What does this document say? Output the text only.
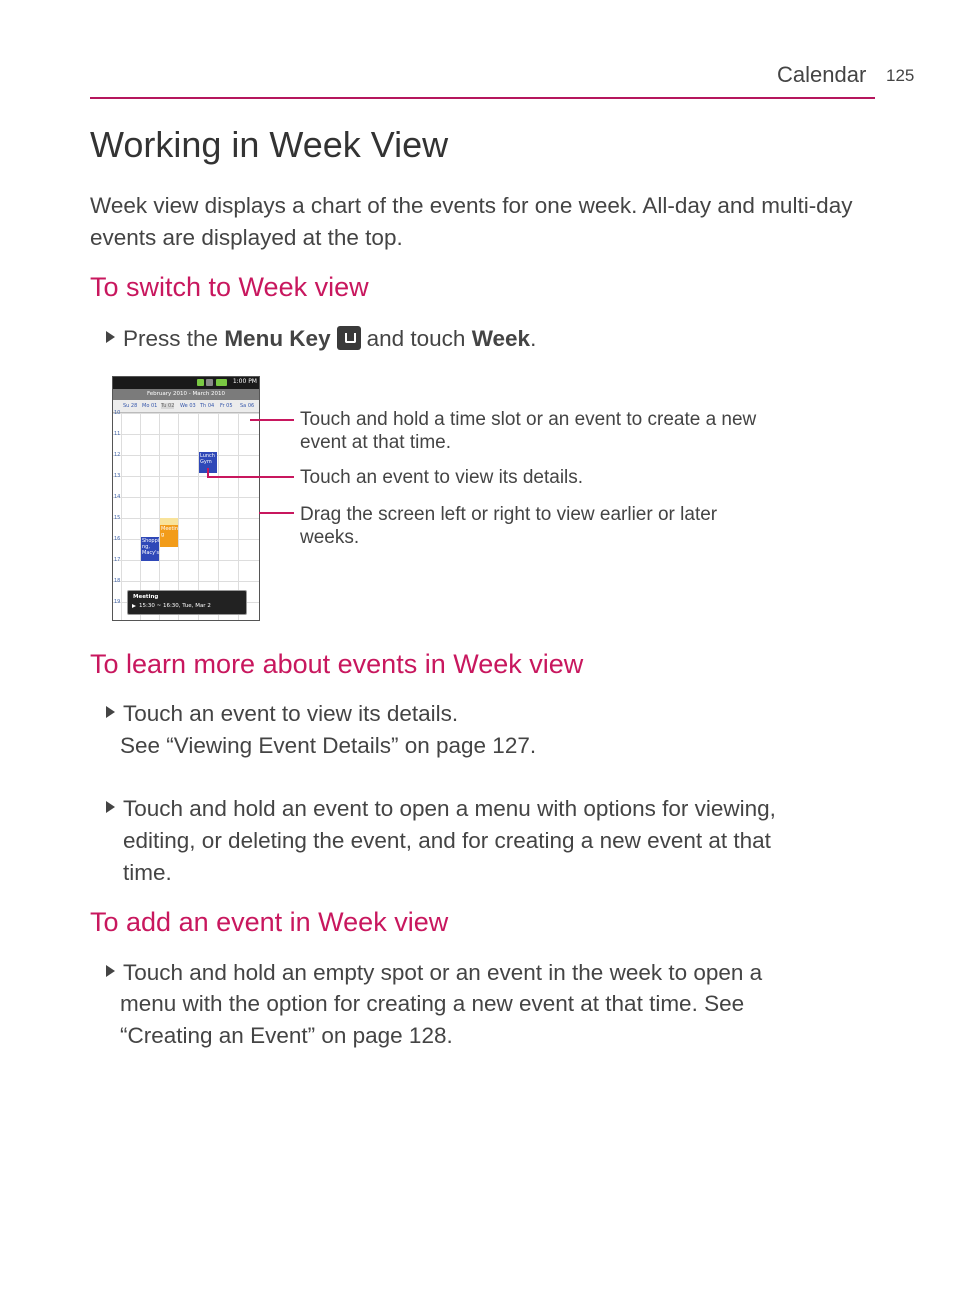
Calendar 125
Working in Week View

Week view displays a chart of the events for one week. All-day and multi-day events are displayed at the top.

To switch to Week view
Press the Menu Key and touch Week.
1:00 PM
February 2010 - March 2010
Su 28 Mo 01 Tu 02 We 03 Th 04 Fr 05 Sa 06
10
11
12
13
14
15
16
17
18
19
Lunch Gym
Meetin g
Shoppi ng, Macy's
Meeting
15:30 ~ 16:30, Tue, Mar 2
Touch and hold a time slot or an event to create a new event at that time.
Touch an event to view its details.
Drag the screen left or right to view earlier or later weeks.
To learn more about events in Week view
Touch an event to view its details.
See “Viewing Event Details” on page 127.
Touch and hold an event to open a menu with options for viewing,
editing, or deleting the event, and for creating a new event at that
time.
To add an event in Week view
Touch and hold an empty spot or an event in the week to open a
menu with the option for creating a new event at that time. See
“Creating an Event” on page 128.
